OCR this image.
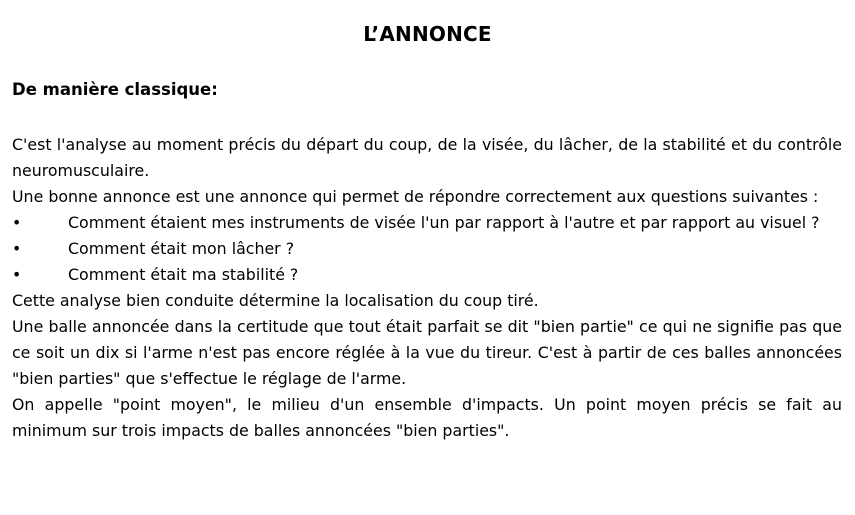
L’ANNONCE
De manière classique:

C'est l'analyse au moment précis du départ du coup, de la visée, du lâcher, de la stabilité et du contrôle neuromusculaire.

Une bonne annonce est une annonce qui permet de répondre correctement aux questions suivantes :

•	Comment étaient mes instruments de visée l'un par rapport à l'autre et par rapport au visuel ?

•	Comment était mon lâcher ?

•	Comment était ma stabilité ?

Cette analyse bien conduite détermine la localisation du coup tiré.

Une balle annoncée dans la certitude que tout était parfait se dit "bien partie" ce qui ne signifie pas que ce soit un dix si l'arme n'est pas encore réglée à la vue du tireur. C'est à partir de ces balles annoncées "bien parties" que s'effectue le réglage de l'arme.

On appelle "point moyen", le milieu d'un ensemble d'impacts. Un point moyen précis se fait au minimum sur trois impacts de balles annoncées "bien parties".
